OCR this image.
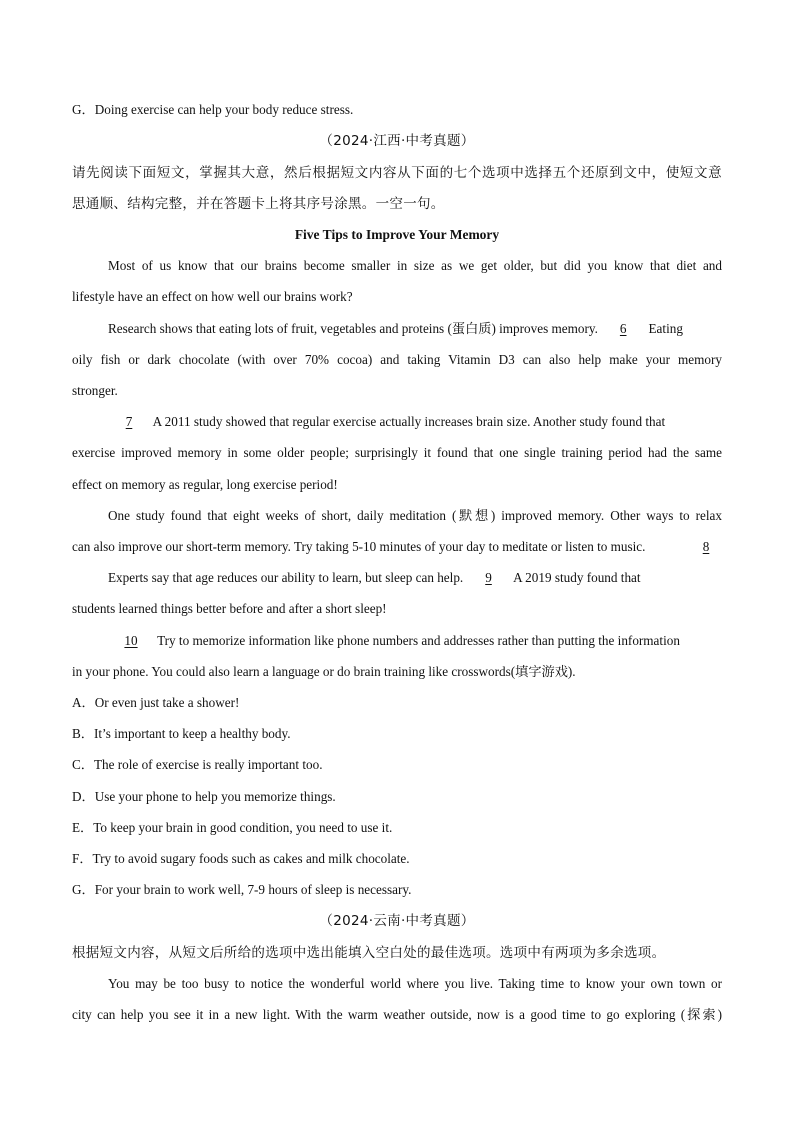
G．Doing exercise can help your body reduce stress.
（2024·江西·中考真题）
请先阅读下面短文，掌握其大意，然后根据短文内容从下面的七个选项中选择五个还原到文中，使短文意
思通顺、结构完整，并在答题卡上将其序号涂黑。一空一句。
Five Tips to Improve Your Memory
Most of us know that our brains become smaller in size as we get older, but did you know that diet and
lifestyle have an effect on how well our brains work?
Research shows that eating lots of fruit, vegetables and proteins (蛋白质) improves memory. 6 Eating
oily fish or dark chocolate (with over 70% cocoa) and taking Vitamin D3 can also help make your memory
stronger.
7 A 2011 study showed that regular exercise actually increases brain size. Another study found that
exercise improved memory in some older people; surprisingly it found that one single training period had the same
effect on memory as regular, long exercise period!
One study found that eight weeks of short, daily meditation (默想) improved memory. Other ways to relax
can also improve our short-term memory. Try taking 5-10 minutes of your day to meditate or listen to music.	8
Experts say that age reduces our ability to learn, but sleep can help. 9 A 2019 study found that
students learned things better before and after a short sleep!
10 Try to memorize information like phone numbers and addresses rather than putting the information
in your phone. You could also learn a language or do brain training like crosswords(填字游戏).
A．Or even just take a shower!
B．It’s important to keep a healthy body.
C．The role of exercise is really important too.
D．Use your phone to help you memorize things.
E．To keep your brain in good condition, you need to use it.
F．Try to avoid sugary foods such as cakes and milk chocolate.
G．For your brain to work well, 7-9 hours of sleep is necessary.
（2024·云南·中考真题）
根据短文内容，从短文后所给的选项中选出能填入空白处的最佳选项。选项中有两项为多余选项。
You may be too busy to notice the wonderful world where you live. Taking time to know your own town or
city can help you see it in a new light. With the warm weather outside, now is a good time to go exploring (探索)
